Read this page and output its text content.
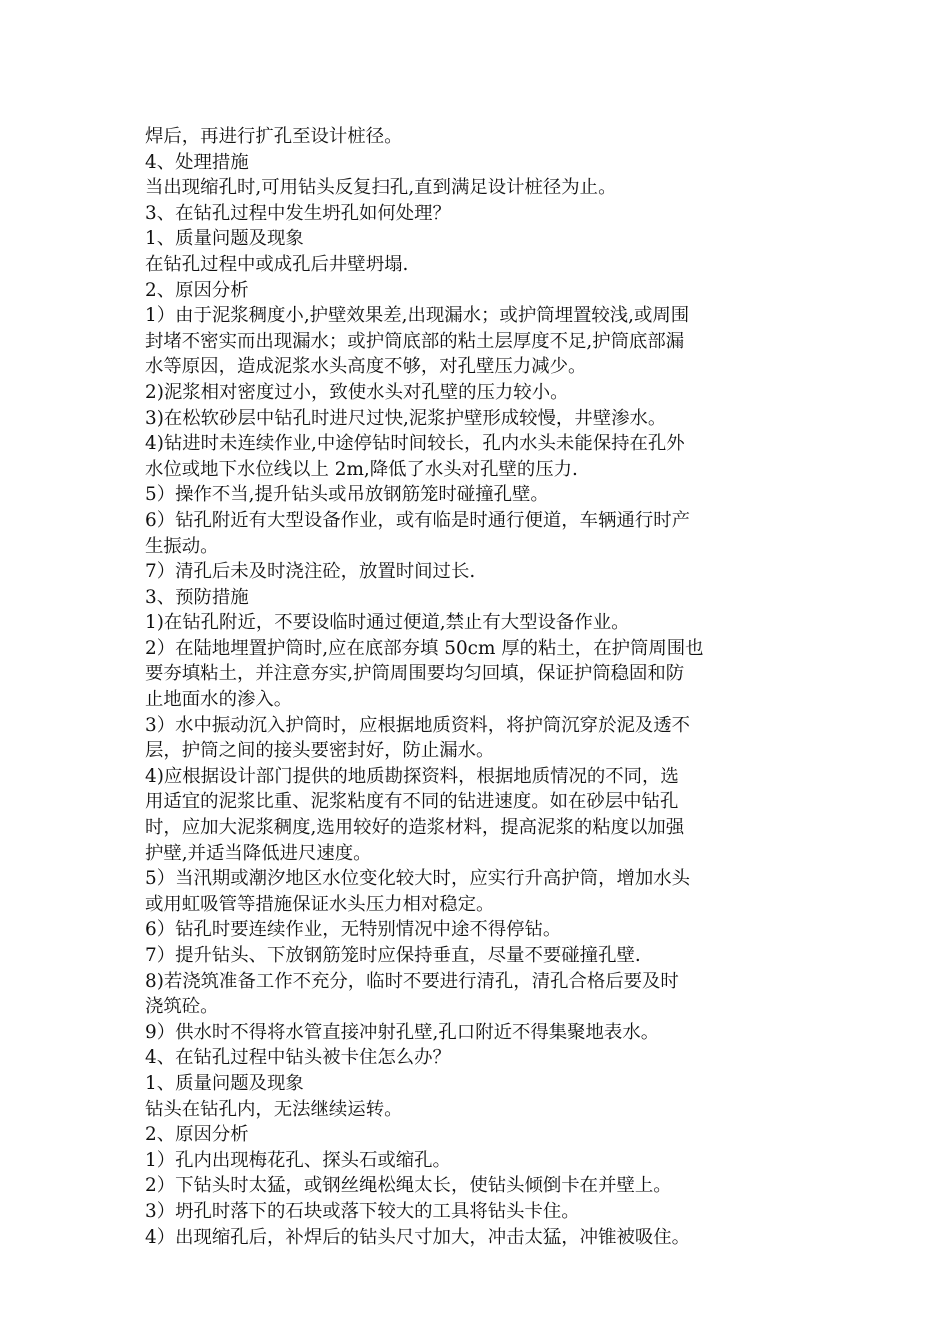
焊后，再进行扩孔至设计桩径。

4、处理措施

当出现缩孔时,可用钻头反复扫孔,直到满足设计桩径为止。

3、在钻孔过程中发生坍孔如何处理？

1、质量问题及现象

在钻孔过程中或成孔后井壁坍塌.

2、原因分析

1）由于泥浆稠度小,护壁效果差,出现漏水；或护筒埋置较浅,或周围
封堵不密实而出现漏水；或护筒底部的粘土层厚度不足,护筒底部漏
水等原因，造成泥浆水头高度不够，对孔壁压力减少。

2)泥浆相对密度过小，致使水头对孔壁的压力较小。

3)在松软砂层中钻孔时进尺过快,泥浆护壁形成较慢，井壁渗水。

4)钻进时未连续作业,中途停钻时间较长，孔内水头未能保持在孔外
水位或地下水位线以上 2m,降低了水头对孔壁的压力.

5）操作不当,提升钻头或吊放钢筋笼时碰撞孔壁。

6）钻孔附近有大型设备作业，或有临是时通行便道，车辆通行时产
生振动。

7）清孔后未及时浇注砼，放置时间过长.

3、预防措施

1)在钻孔附近，不要设临时通过便道,禁止有大型设备作业。

2）在陆地埋置护筒时,应在底部夯填 50cm 厚的粘土，在护筒周围也
要夯填粘土，并注意夯实,护筒周围要均匀回填，保证护筒稳固和防
止地面水的渗入。

3）水中振动沉入护筒时，应根据地质资料，将护筒沉穿於泥及透不
层，护筒之间的接头要密封好，防止漏水。

4)应根据设计部门提供的地质勘探资料，根据地质情况的不同，选
用适宜的泥浆比重、泥浆粘度有不同的钻进速度。如在砂层中钻孔
时，应加大泥浆稠度,选用较好的造浆材料，提高泥浆的粘度以加强
护壁,并适当降低进尺速度。

5）当汛期或潮汐地区水位变化较大时，应实行升高护筒，增加水头
或用虹吸管等措施保证水头压力相对稳定。

6）钻孔时要连续作业，无特别情况中途不得停钻。

7）提升钻头、下放钢筋笼时应保持垂直，尽量不要碰撞孔壁.

8)若浇筑准备工作不充分，临时不要进行清孔，清孔合格后要及时
浇筑砼。

9）供水时不得将水管直接冲射孔壁,孔口附近不得集聚地表水。

4、在钻孔过程中钻头被卡住怎么办？

1、质量问题及现象

钻头在钻孔内，无法继续运转。

2、原因分析

1）孔内出现梅花孔、探头石或缩孔。

2）下钻头时太猛，或钢丝绳松绳太长，使钻头倾倒卡在并壁上。

3）坍孔时落下的石块或落下较大的工具将钻头卡住。

4）出现缩孔后，补焊后的钻头尺寸加大，冲击太猛，冲锥被吸住。
